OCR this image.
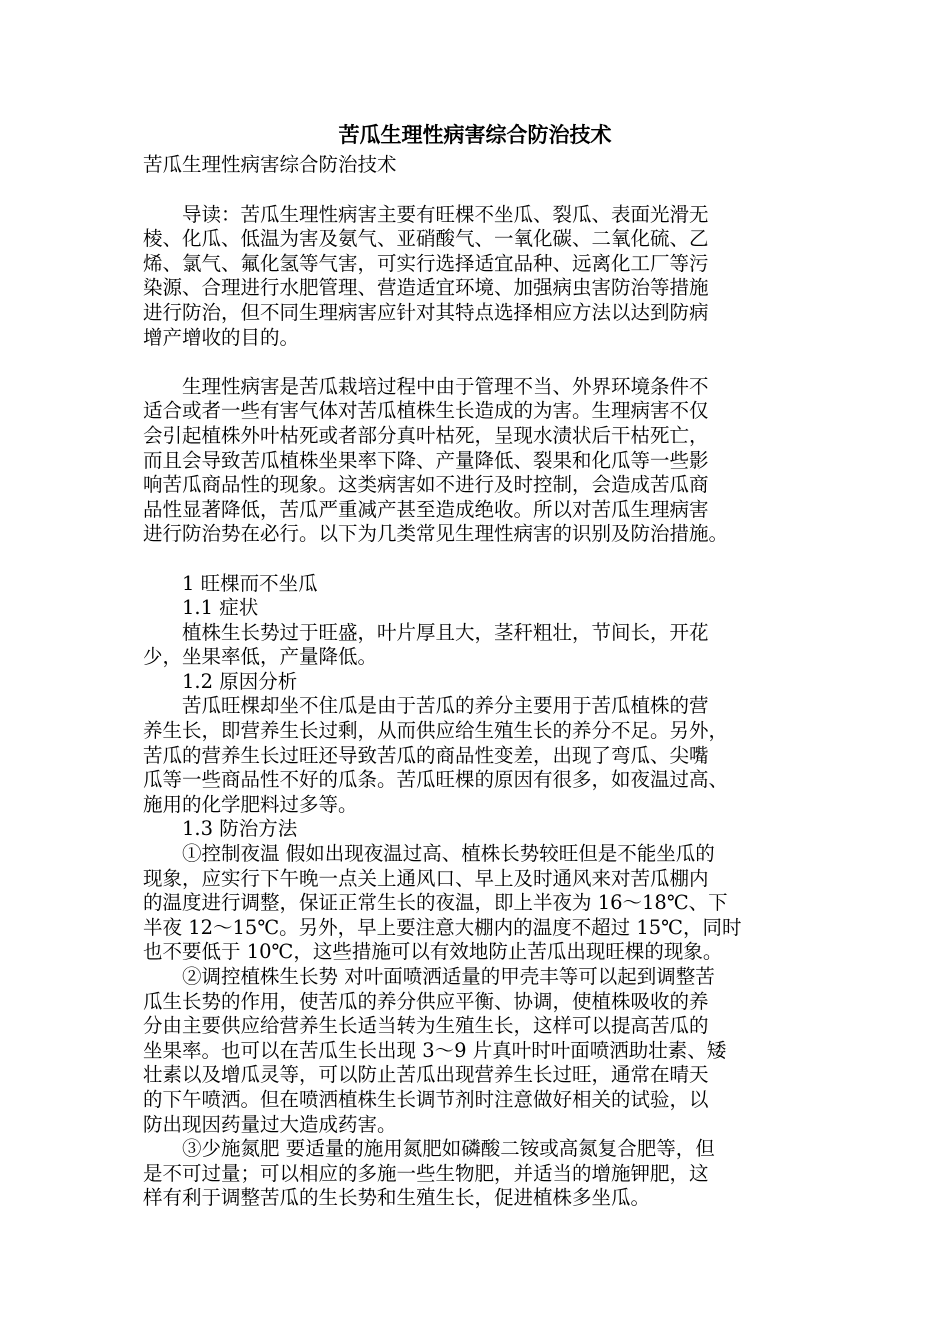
苦瓜生理性病害综合防治技术

苦瓜生理性病害综合防治技术

　　导读：苦瓜生理性病害主要有旺棵不坐瓜、裂瓜、表面光滑无

棱、化瓜、低温为害及氨气、亚硝酸气、一氧化碳、二氧化硫、乙

烯、氯气、氟化氢等气害，可实行选择适宜品种、远离化工厂等污

染源、合理进行水肥管理、营造适宜环境、加强病虫害防治等措施

进行防治，但不同生理病害应针对其特点选择相应方法以达到防病

增产增收的目的。

　　生理性病害是苦瓜栽培过程中由于管理不当、外界环境条件不

适合或者一些有害气体对苦瓜植株生长造成的为害。生理病害不仅

会引起植株外叶枯死或者部分真叶枯死，呈现水渍状后干枯死亡，

而且会导致苦瓜植株坐果率下降、产量降低、裂果和化瓜等一些影

响苦瓜商品性的现象。这类病害如不进行及时控制，会造成苦瓜商

品性显著降低，苦瓜严重减产甚至造成绝收。所以对苦瓜生理病害

进行防治势在必行。以下为几类常见生理性病害的识别及防治措施。

　　1 旺棵而不坐瓜

　　1.1 症状

　　植株生长势过于旺盛，叶片厚且大，茎秆粗壮，节间长，开花

少，坐果率低，产量降低。

　　1.2 原因分析

　　苦瓜旺棵却坐不住瓜是由于苦瓜的养分主要用于苦瓜植株的营

养生长，即营养生长过剩，从而供应给生殖生长的养分不足。另外，

苦瓜的营养生长过旺还导致苦瓜的商品性变差，出现了弯瓜、尖嘴

瓜等一些商品性不好的瓜条。苦瓜旺棵的原因有很多，如夜温过高、

施用的化学肥料过多等。

　　1.3 防治方法

　　①控制夜温 假如出现夜温过高、植株长势较旺但是不能坐瓜的

现象，应实行下午晚一点关上通风口、早上及时通风来对苦瓜棚内

的温度进行调整，保证正常生长的夜温，即上半夜为 16～18℃、下

半夜 12～15℃。另外，早上要注意大棚内的温度不超过 15℃，同时

也不要低于 10℃，这些措施可以有效地防止苦瓜出现旺棵的现象。

　　②调控植株生长势 对叶面喷洒适量的甲壳丰等可以起到调整苦

瓜生长势的作用，使苦瓜的养分供应平衡、协调，使植株吸收的养

分由主要供应给营养生长适当转为生殖生长，这样可以提高苦瓜的

坐果率。也可以在苦瓜生长出现 3～9 片真叶时叶面喷洒助壮素、矮

壮素以及增瓜灵等，可以防止苦瓜出现营养生长过旺，通常在晴天

的下午喷洒。但在喷洒植株生长调节剂时注意做好相关的试验，以

防出现因药量过大造成药害。

　　③少施氮肥 要适量的施用氮肥如磷酸二铵或高氮复合肥等，但

是不可过量；可以相应的多施一些生物肥，并适当的增施钾肥，这

样有利于调整苦瓜的生长势和生殖生长，促进植株多坐瓜。
